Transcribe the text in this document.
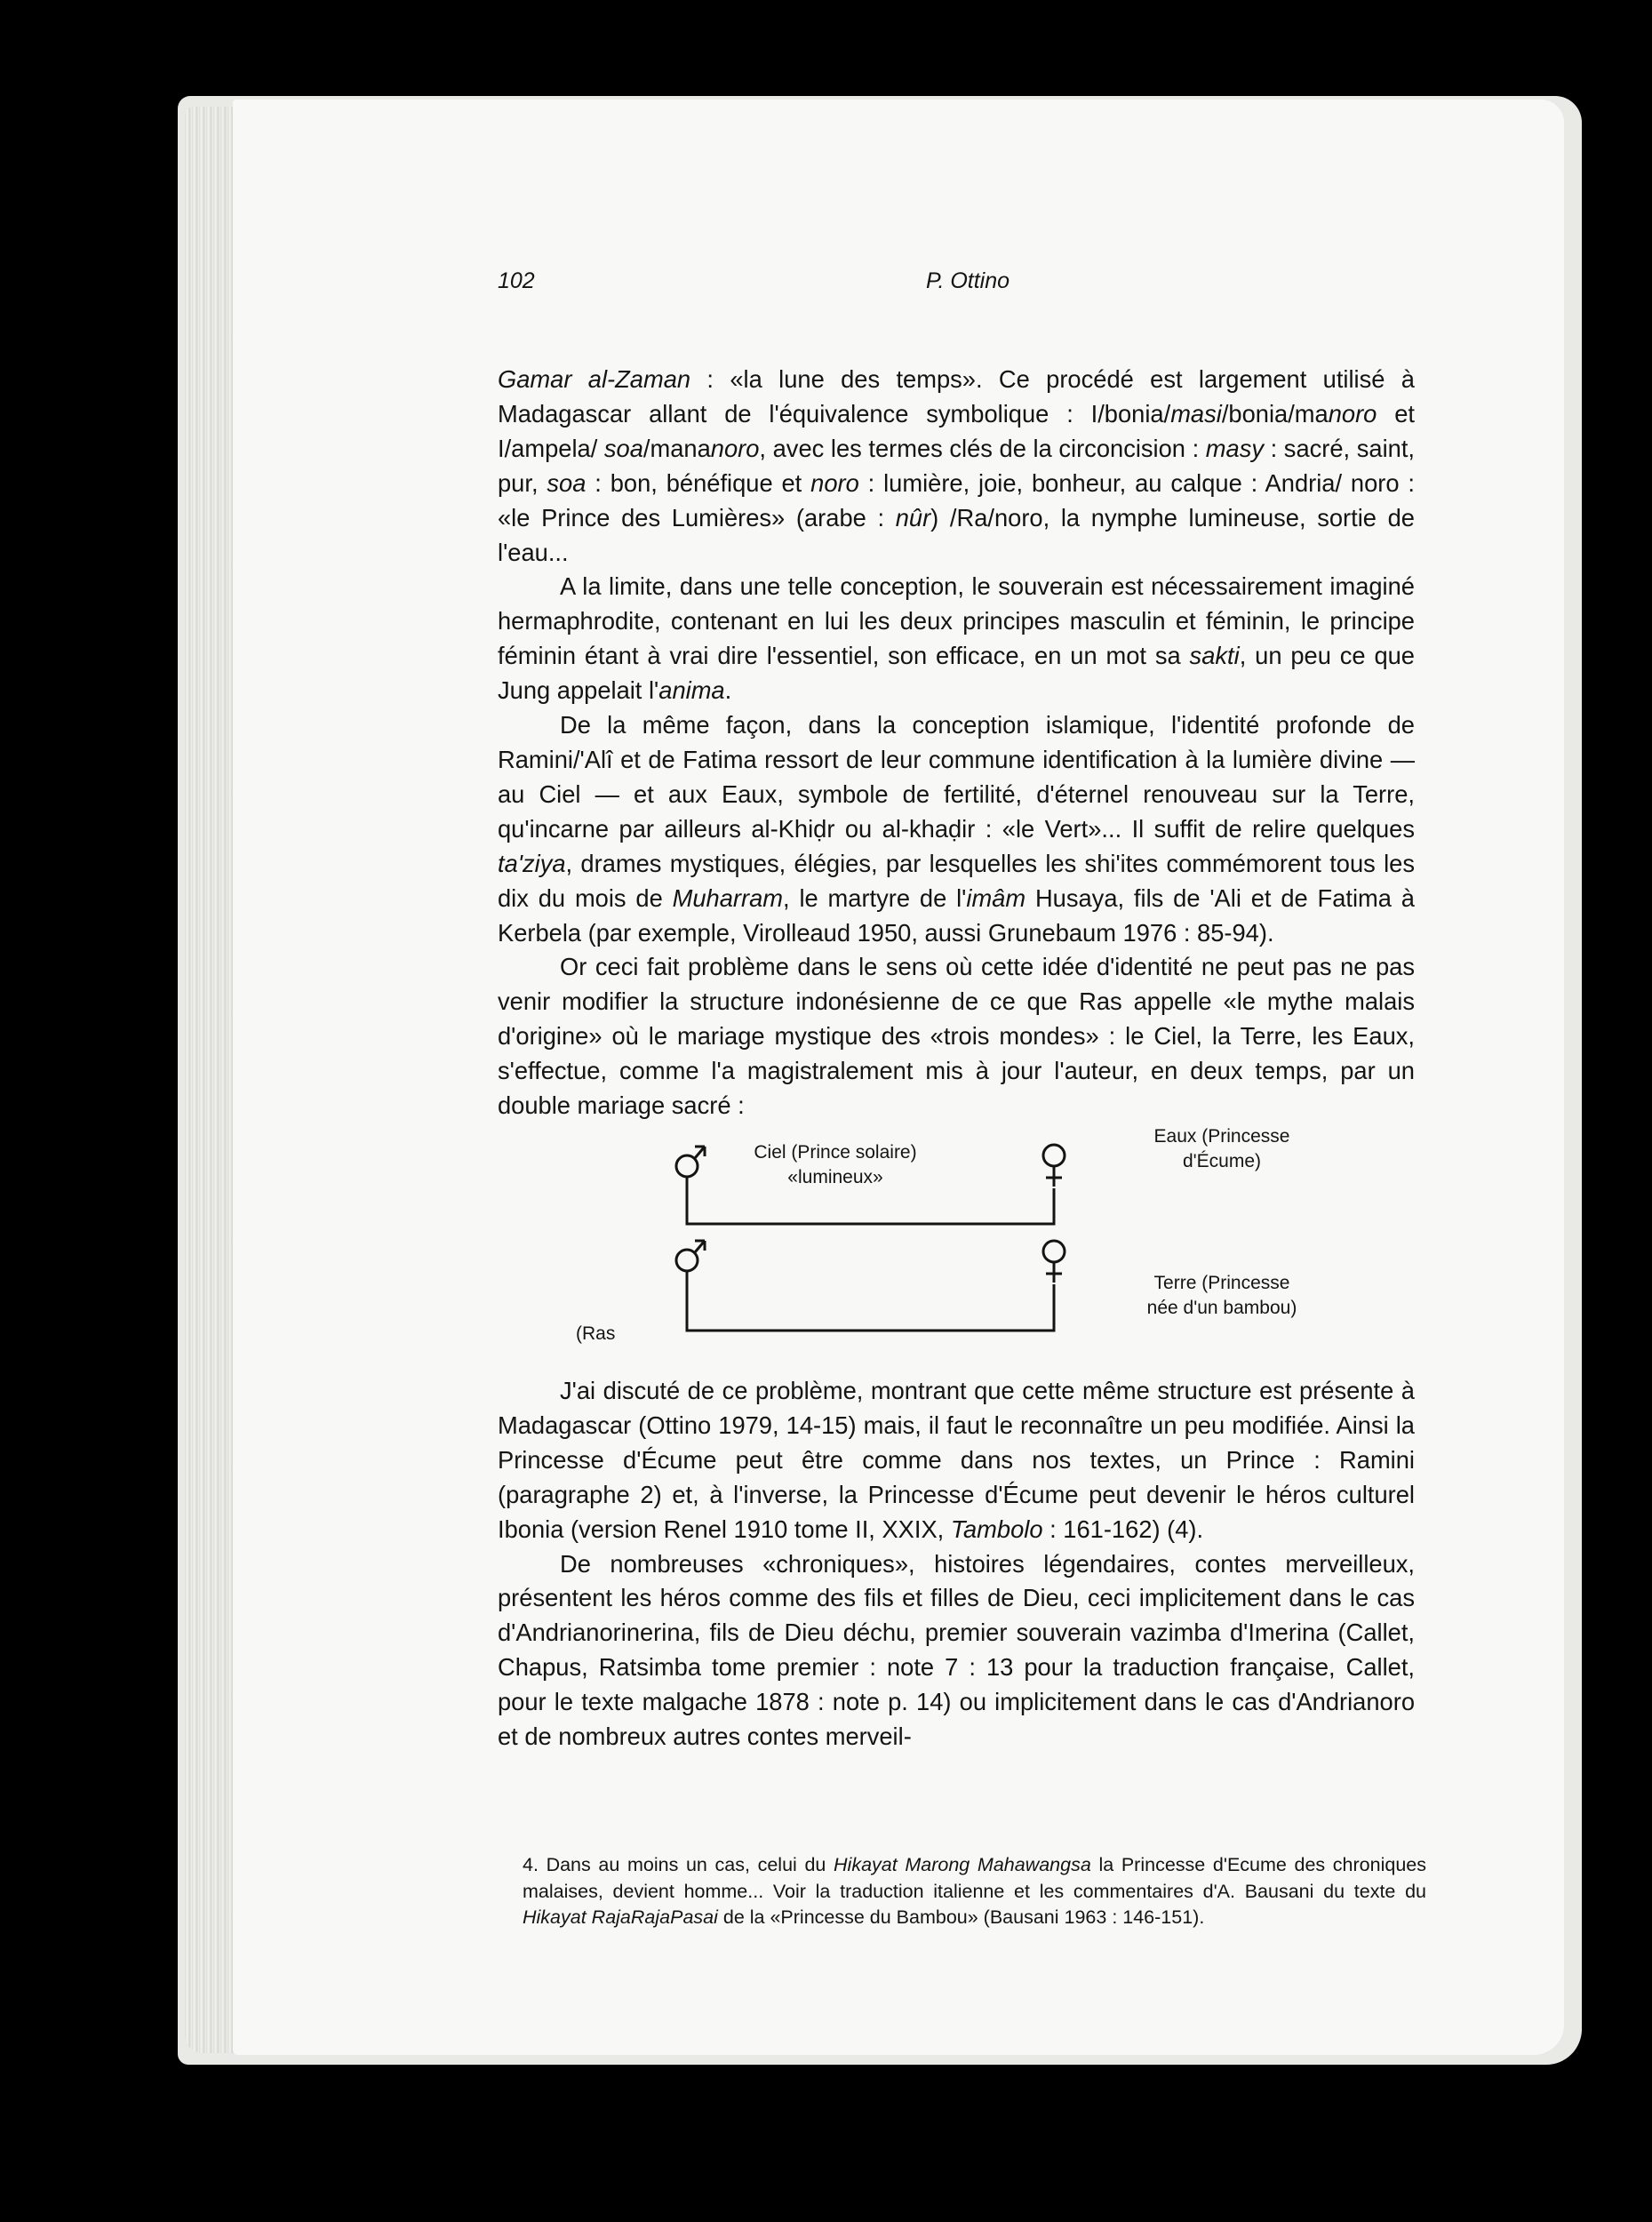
102	P. Ottino

Gamar al-Zaman : «la lune des temps». Ce procédé est largement utilisé à Madagascar allant de l'équivalence symbolique : I/bonia/masi/bonia/manoro et I/ampela/ soa/mananoro, avec les termes clés de la circoncision : masy : sacré, saint, pur, soa : bon, bénéfique et noro : lumière, joie, bonheur, au calque : Andria/ noro : «le Prince des Lumières» (arabe : nûr) /Ra/noro, la nymphe lumineuse, sortie de l'eau...

A la limite, dans une telle conception, le souverain est nécessairement imaginé hermaphrodite, contenant en lui les deux principes masculin et féminin, le principe féminin étant à vrai dire l'essentiel, son efficace, en un mot sa sakti, un peu ce que Jung appelait l'anima.

De la même façon, dans la conception islamique, l'identité profonde de Ramini/'Alî et de Fatima ressort de leur commune identification à la lumière divine — au Ciel — et aux Eaux, symbole de fertilité, d'éternel renouveau sur la Terre, qu'incarne par ailleurs al-Khiḍr ou al-khaḍir : «le Vert»... Il suffit de relire quelques ta'ziya, drames mystiques, élégies, par lesquelles les shi'ites commémorent tous les dix du mois de Muharram, le martyre de l'imâm Husaya, fils de 'Ali et de Fatima à Kerbela (par exemple, Virolleaud 1950, aussi Grunebaum 1976 : 85-94).

Or ceci fait problème dans le sens où cette idée d'identité ne peut pas ne pas venir modifier la structure indonésienne de ce que Ras appelle «le mythe malais d'origine» où le mariage mystique des «trois mondes» : le Ciel, la Terre, les Eaux, s'effectue, comme l'a magistralement mis à jour l'auteur, en deux temps, par un double mariage sacré :

Ciel (Prince solaire)
«lumineux»
Eaux (Princesse
d'Écume)
Terre (Princesse
née d'un bambou)
(Ras

J'ai discuté de ce problème, montrant que cette même structure est présente à Madagascar (Ottino 1979, 14-15) mais, il faut le reconnaître un peu modifiée. Ainsi la Princesse d'Écume peut être comme dans nos textes, un Prince : Ramini (paragraphe 2) et, à l'inverse, la Princesse d'Écume peut devenir le héros culturel Ibonia (version Renel 1910 tome II, XXIX, Tambolo : 161-162) (4).

De nombreuses «chroniques», histoires légendaires, contes merveilleux, présentent les héros comme des fils et filles de Dieu, ceci implicitement dans le cas d'Andrianorinerina, fils de Dieu déchu, premier souverain vazimba d'Imerina (Callet, Chapus, Ratsimba tome premier : note 7 : 13 pour la traduction française, Callet, pour le texte malgache 1878 : note p. 14) ou implicitement dans le cas d'Andrianoro et de nombreux autres contes merveil-

4. Dans au moins un cas, celui du Hikayat Marong Mahawangsa la Princesse d'Ecume des chroniques malaises, devient homme... Voir la traduction italienne et les commentaires d'A. Bausani du texte du Hikayat RajaRajaPasai de la «Princesse du Bambou» (Bausani 1963 : 146-151).
